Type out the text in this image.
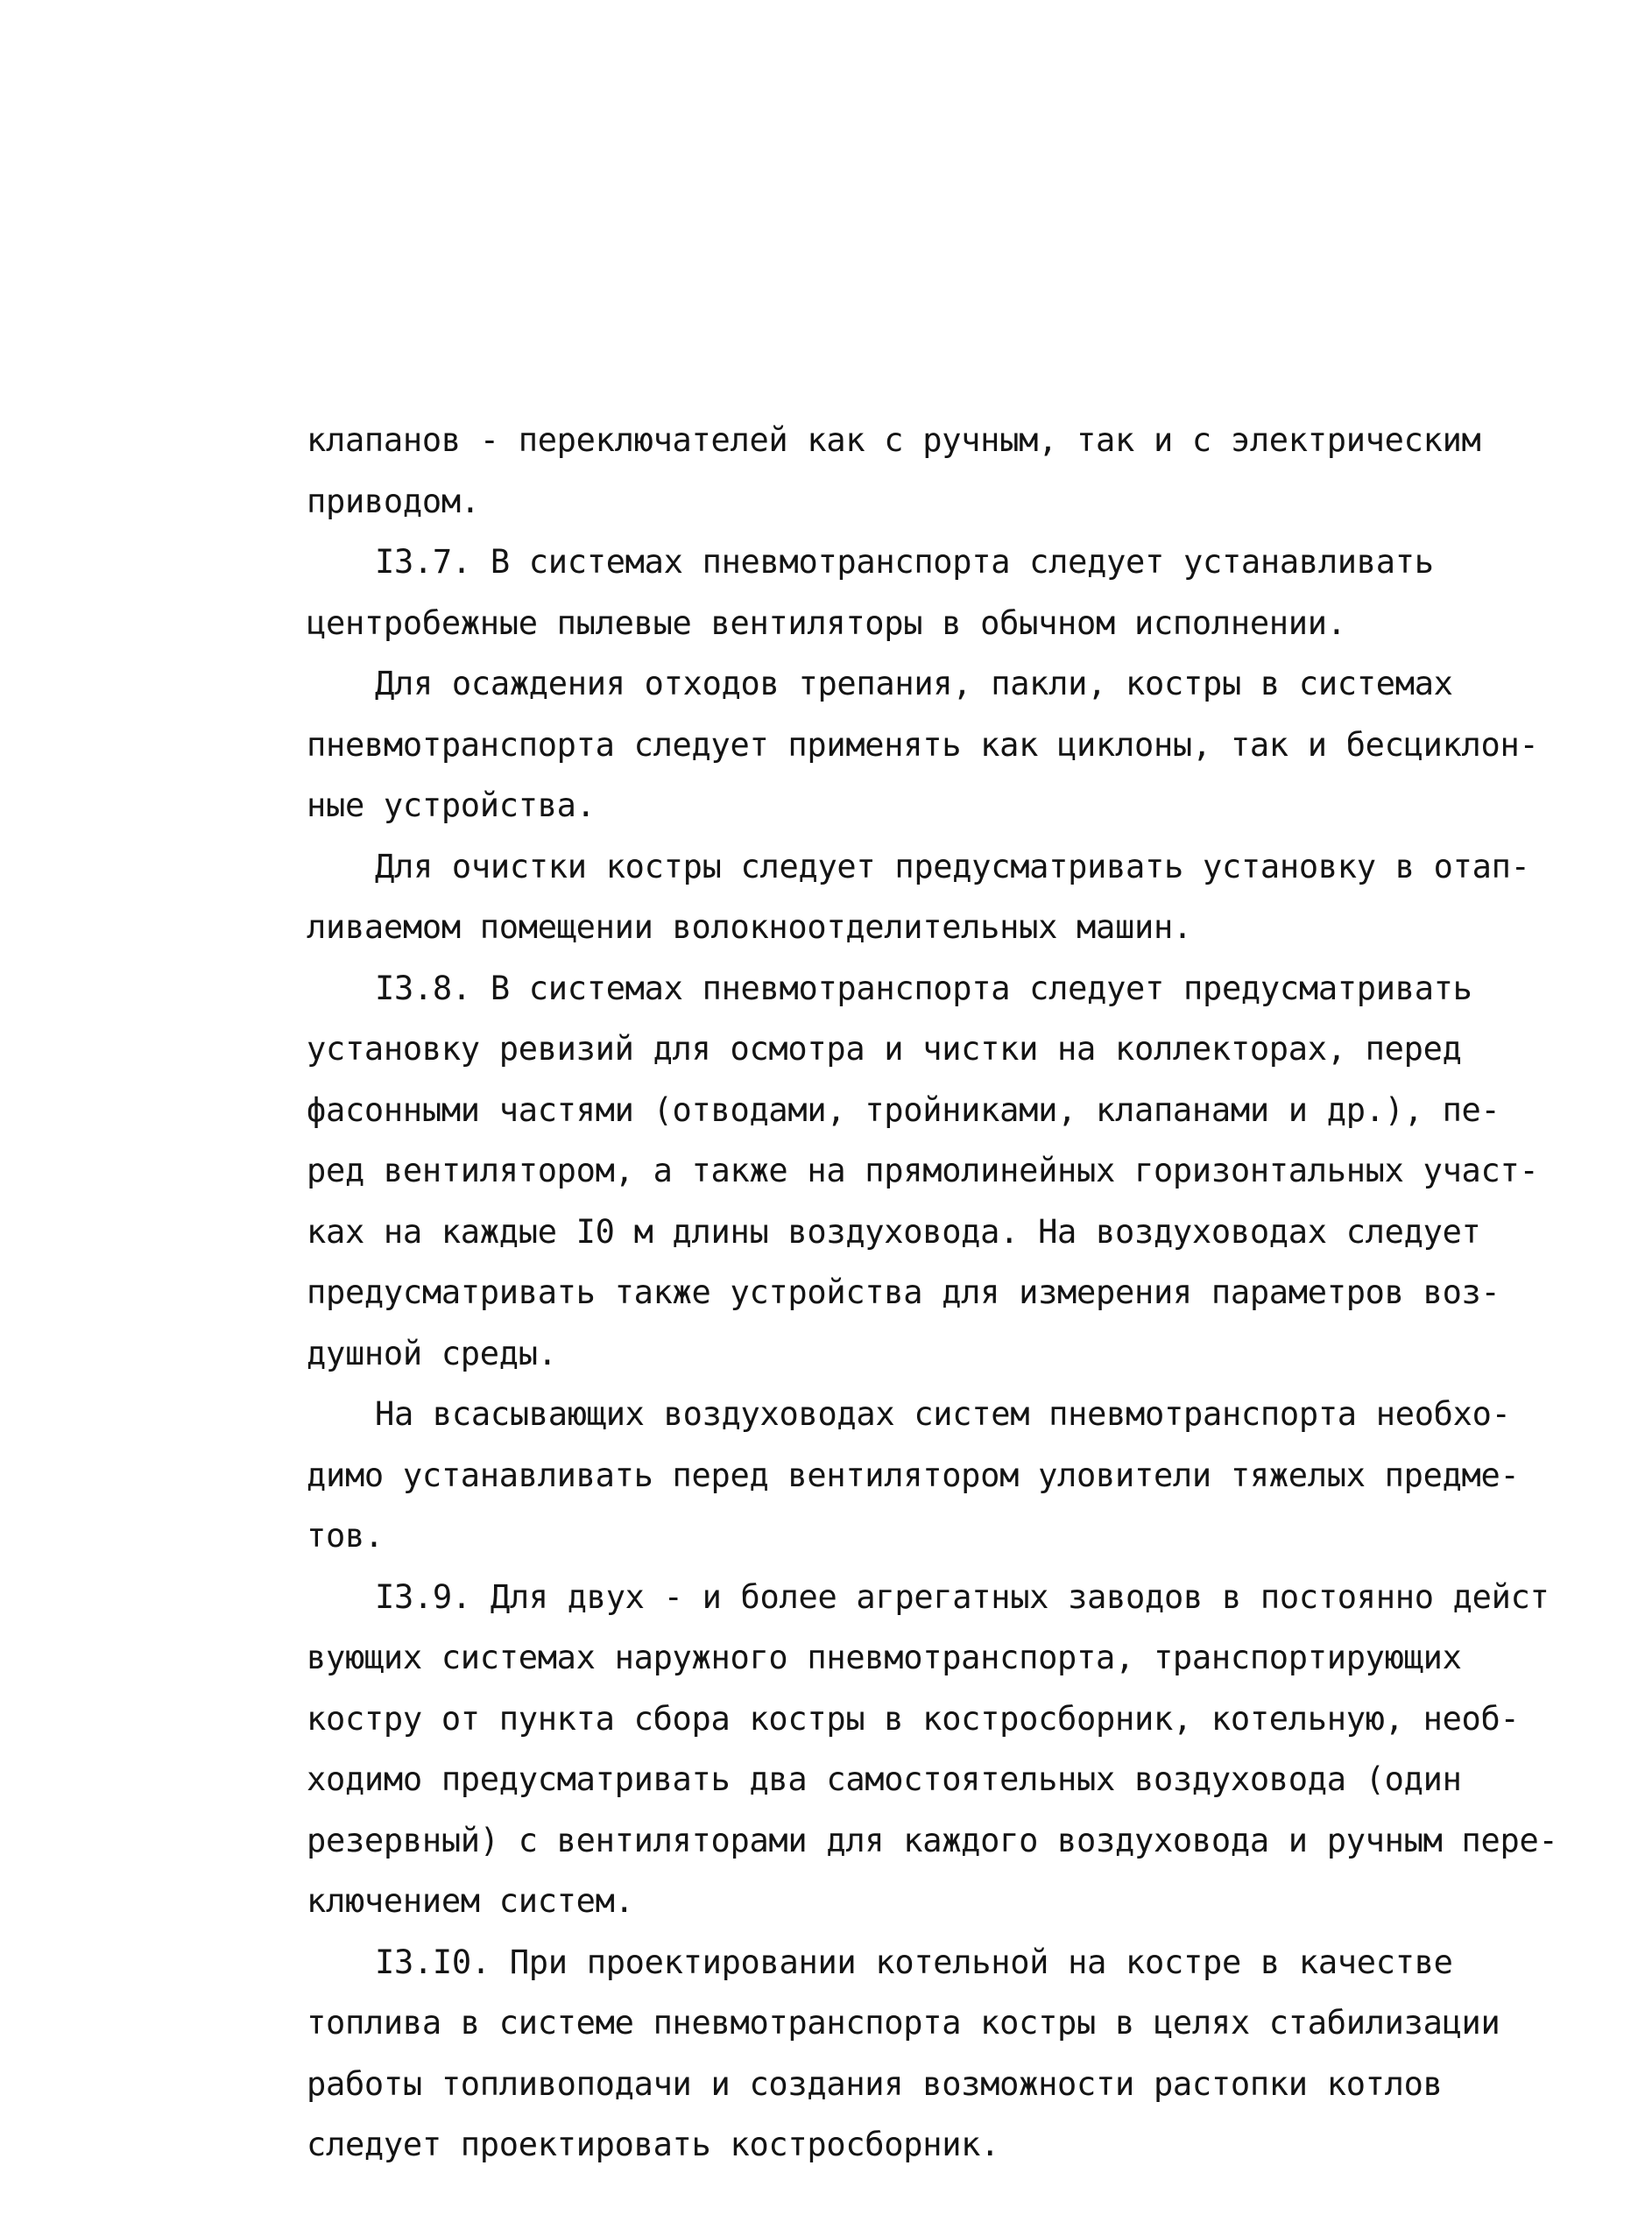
клапанов - переключателей как с ручным, так и с электрическим
приводом.
I3.7. В системах пневмотранспорта следует устанавливать
центробежные пылевые вентиляторы в обычном исполнении.
Для осаждения отходов трепания, пакли, костры в системах
пневмотранспорта следует применять как циклоны, так и бесциклон-
ные устройства.
Для очистки костры следует предусматривать установку в отап-
ливаемом помещении волокноотделительных машин.
I3.8. В системах пневмотранспорта следует предусматривать
установку ревизий для осмотра и чистки на коллекторах, перед
фасонными частями (отводами, тройниками, клапанами и др.), пе-
ред вентилятором, а также на прямолинейных горизонтальных участ-
ках на каждые I0 м длины воздуховода. На воздуховодах следует
предусматривать также устройства для измерения параметров воз-
душной среды.
На всасывающих воздуховодах систем пневмотранспорта необхо-
димо устанавливать перед вентилятором уловители тяжелых предме-
тов.
I3.9. Для двух - и более агрегатных заводов в постоянно дейст
вующих системах наружного пневмотранспорта, транспортирующих
костру от пункта сбора костры в костросборник, котельную, необ-
ходимо предусматривать два самостоятельных воздуховода (один
резервный) с вентиляторами для каждого воздуховода и ручным пере-
ключением систем.
I3.I0. При проектировании котельной на костре в качестве
топлива в системе пневмотранспорта костры в целях стабилизации
работы топливоподачи и создания возможности растопки котлов
следует проектировать костросборник.
